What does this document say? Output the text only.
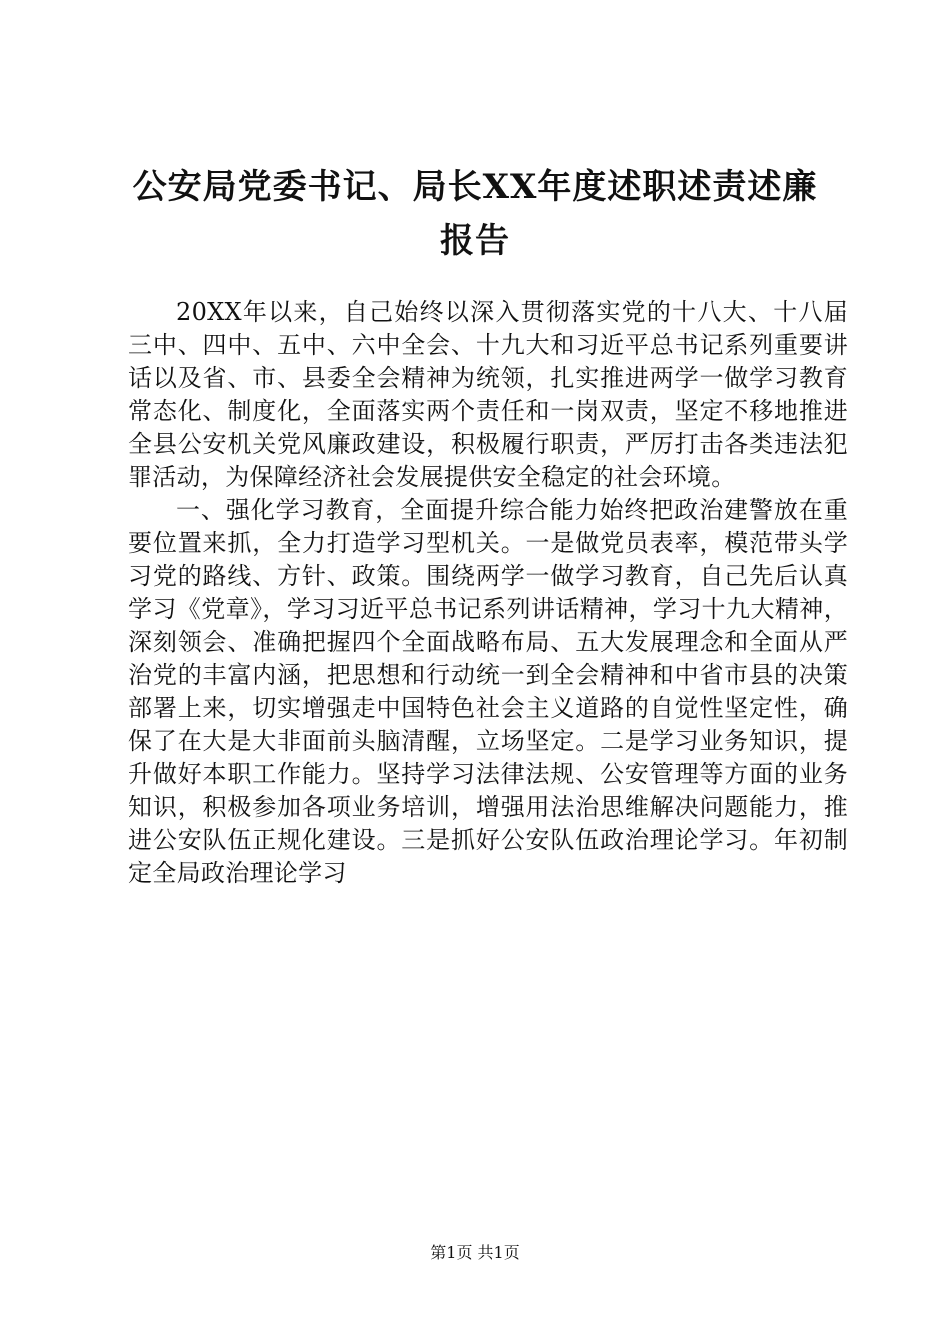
公安局党委书记、局长XX年度述职述责述廉
报告

20XX年以来，自己始终以深入贯彻落实党的十八大、十八届三中、四中、五中、六中全会、十九大和习近平总书记系列重要讲话以及省、市、县委全会精神为统领，扎实推进两学一做学习教育常态化、制度化，全面落实两个责任和一岗双责，坚定不移地推进全县公安机关党风廉政建设，积极履行职责，严厉打击各类违法犯罪活动，为保障经济社会发展提供安全稳定的社会环境。

一、强化学习教育，全面提升综合能力始终把政治建警放在重要位置来抓，全力打造学习型机关。一是做党员表率，模范带头学习党的路线、方针、政策。围绕两学一做学习教育，自己先后认真学习《党章》，学习习近平总书记系列讲话精神，学习十九大精神，深刻领会、准确把握四个全面战略布局、五大发展理念和全面从严治党的丰富内涵，把思想和行动统一到全会精神和中省市县的决策部署上来，切实增强走中国特色社会主义道路的自觉性坚定性，确保了在大是大非面前头脑清醒，立场坚定。二是学习业务知识，提升做好本职工作能力。坚持学习法律法规、公安管理等方面的业务知识，积极参加各项业务培训，增强用法治思维解决问题能力，推进公安队伍正规化建设。三是抓好公安队伍政治理论学习。年初制定全局政治理论学习

第1页 共1页
